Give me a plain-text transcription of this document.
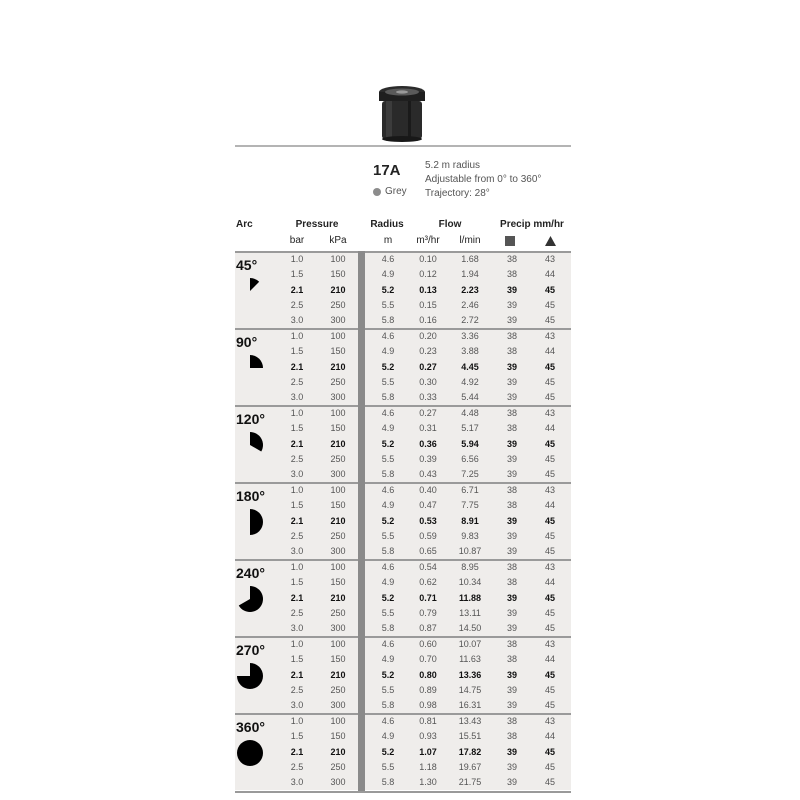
17A
Grey
5.2 m radius
Adjustable from 0° to 360°
Trajectory: 28°
Arc	Pressure	Radius	Flow	Precip mm/hr
bar	kPa	m m³/hr l/min
45°	1.0	100	4.6	0.10	1.68	38	43
1.5	150	4.9	0.12	1.94	38	44
2.1	210	5.2	0.13	2.23	39	45
2.5	250	5.5	0.15	2.46	39	45
3.0	300	5.8	0.16	2.72	39	45
90°	1.0	100	4.6	0.20	3.36	38	43
1.5	150	4.9	0.23	3.88	38	44
2.1	210	5.2	0.27	4.45	39	45
2.5	250	5.5	0.30	4.92	39	45
3.0	300	5.8	0.33	5.44	39	45
120°	1.0	100	4.6	0.27	4.48	38	43
1.5	150	4.9	0.31	5.17	38	44
2.1	210	5.2	0.36	5.94	39	45
2.5	250	5.5	0.39	6.56	39	45
3.0	300	5.8	0.43	7.25	39	45
180°	1.0	100	4.6	0.40	6.71	38	43
1.5	150	4.9	0.47	7.75	38	44
2.1	210	5.2	0.53	8.91	39	45
2.5	250	5.5	0.59	9.83	39	45
3.0	300	5.8	0.65 10.87	39	45
240°	1.0	100	4.6	0.54	8.95	38	43
1.5	150	4.9	0.62 10.34	38	44
2.1	210	5.2	0.71 11.88	39	45
2.5	250	5.5	0.79 13.11	39	45
3.0	300	5.8	0.87 14.50	39	45
270°	1.0	100	4.6	0.60 10.07	38	43
1.5	150	4.9	0.70 11.63	38	44
2.1	210	5.2	0.80 13.36	39	45
2.5	250	5.5	0.89 14.75	39	45
3.0	300	5.8	0.98 16.31	39	45
360°	1.0	100	4.6	0.81 13.43	38	43
1.5	150	4.9	0.93 15.51	38	44
2.1	210	5.2	1.07 17.82	39	45
2.5	250	5.5	1.18 19.67	39	45
3.0	300	5.8	1.30 21.75	39	45
